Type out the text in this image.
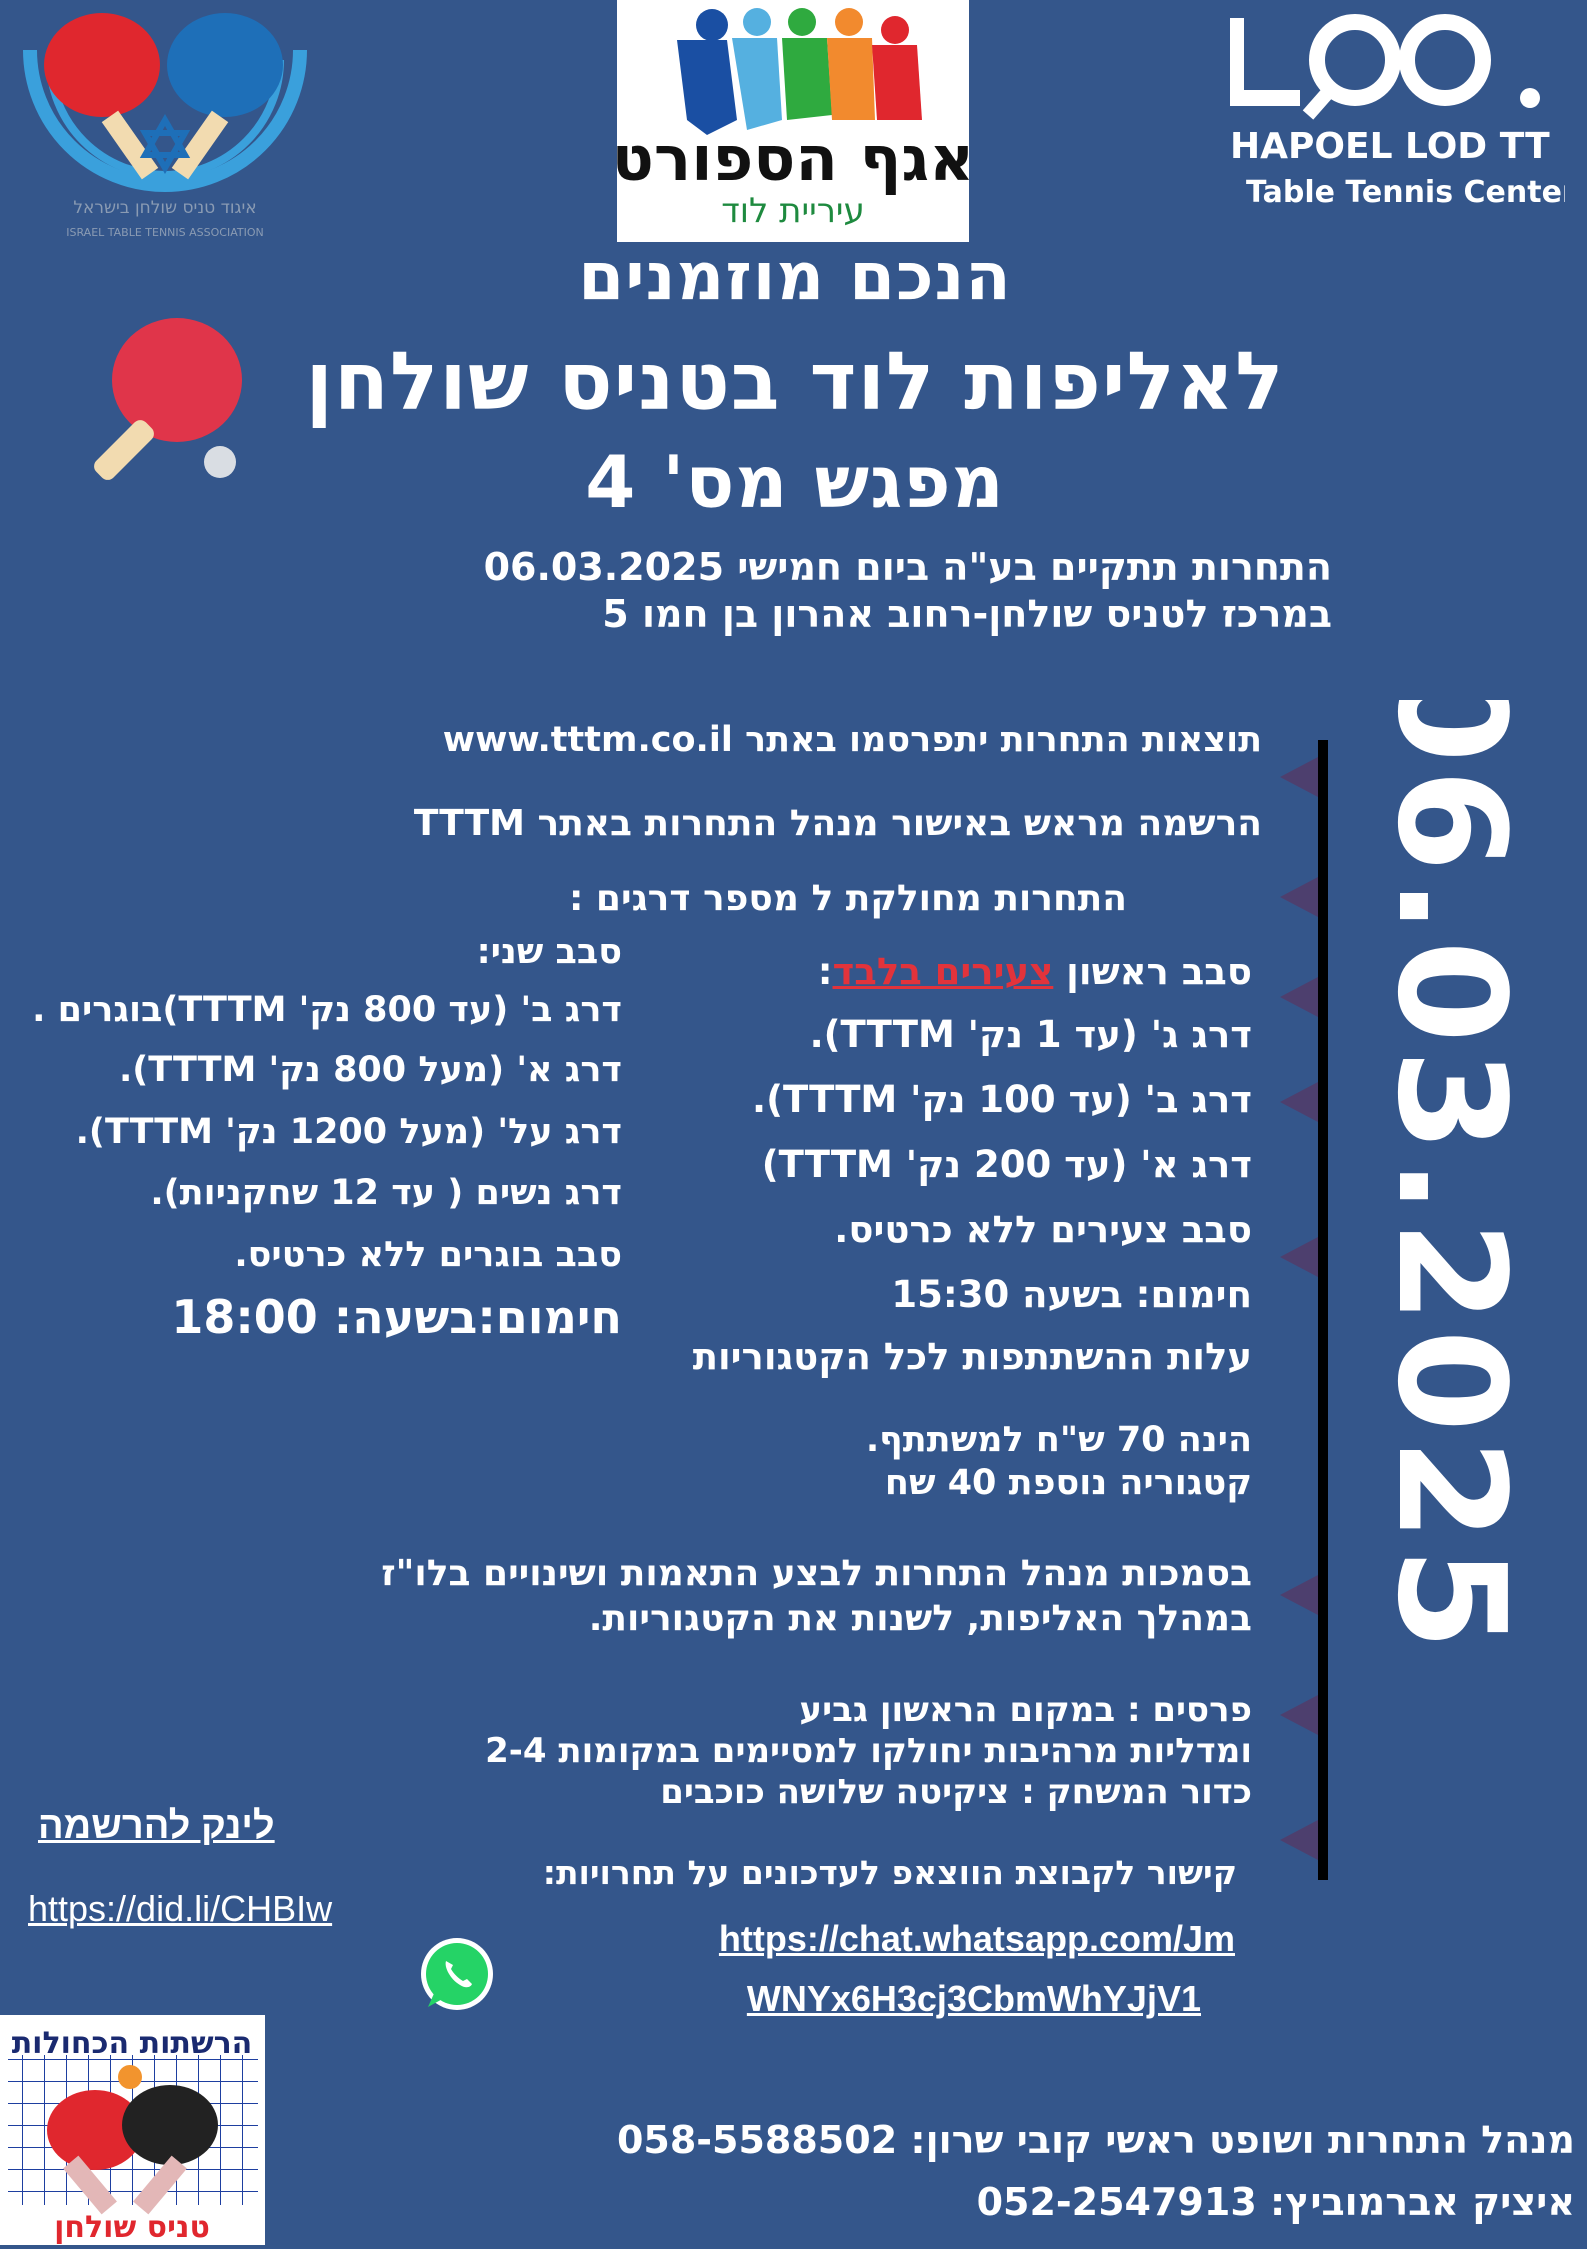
איגוד טניס שולחן בישראל
ISRAEL TABLE TENNIS ASSOCIATION
אגף הספורט
עיריית לוד
LOO.
HAPOEL LOD TT
Table Tennis Center
הנכם מוזמנים
לאליפות לוד בטניס שולחן
מפגש מס' 4
התחרות תתקיים בע"ה ביום חמישי 06.03.2025
במרכז לטניס שולחן-רחוב אהרון בן חמו 5
06.03.2025
תוצאות התחרות יתפרסמו באתר www.tttm.co.il
הרשמה מראש באישור מנהל התחרות באתר TTTM
התחרות מחולקת ל מספר דרגים :
סבב ראשון צעירים בלבד:
דרג ג' (עד 1 נק' TTTM).
דרג ב' (עד 100 נק' TTTM).
דרג א' (עד 200 נק' TTTM)
סבב צעירים ללא כרטיס.
חימום: בשעה 15:30
עלות ההשתתפות לכל הקטגוריות
הינה 70 ש"ח למשתתף.
קטגוריה נוספת 40 שח
בסמכות מנהל התחרות לבצע התאמות ושינויים בלו"ז
במהלך האליפות, לשנות את הקטגוריות.
פרסים : במקום הראשון גביע
ומדליות מרהיבות יחולקו למסיימים במקומות 2-4
כדור המשחק : ציקיטה שלושה כוכבים
קישור לקבוצת הווצאפ לעדכונים על תחרויות:
https://chat.whatsapp.com/Jm
WNYx6H3cj3CbmWhYJjV1
סבב שני:
דרג ב' (עד 800 נק' TTTM)בוגרים .
דרג א' (מעל 800 נק' TTTM).
דרג על' (מעל 1200 נק' TTTM).
דרג נשים ( עד 12 שחקניות).
סבב בוגרים ללא כרטיס.
חימום:בשעה: 18:00
לינק להרשמה
https://did.li/CHBIw
הרשתות הכחולות
טניס שולחן
מנהל התחרות ושופט ראשי קובי שרון: 058-5588502
איציק אברמוביץ: 052-2547913
